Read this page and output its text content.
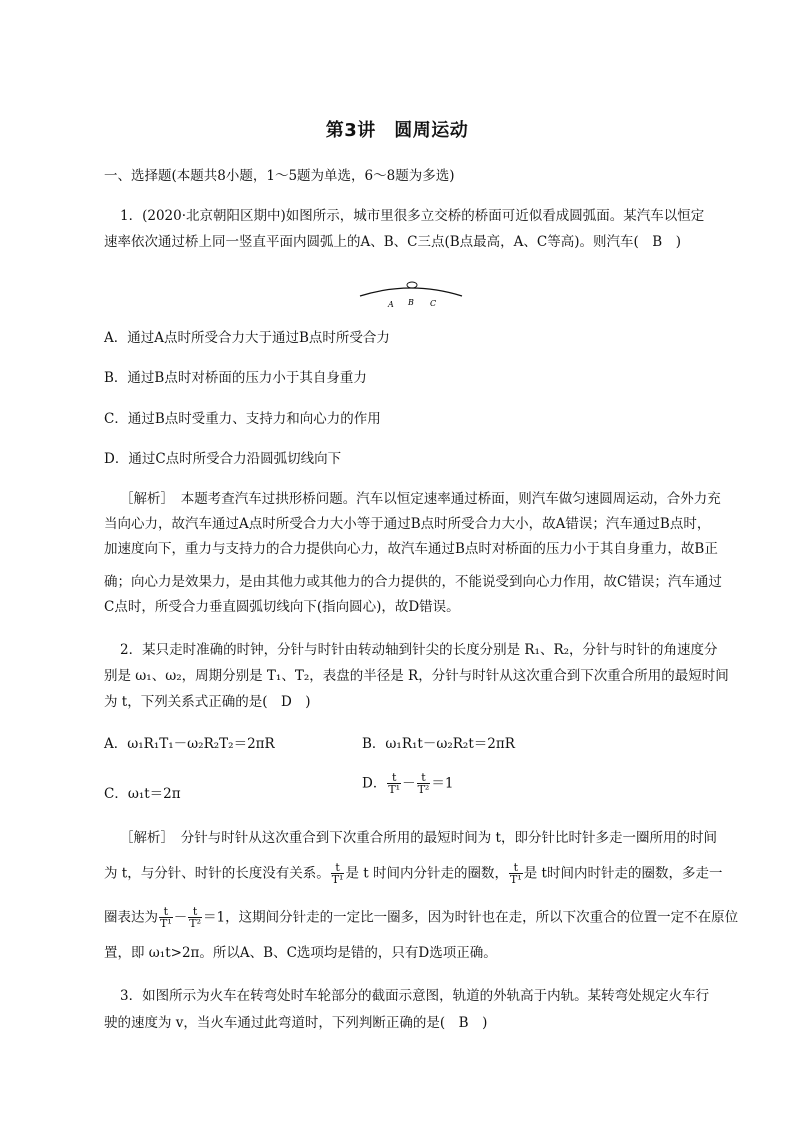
第3讲　圆周运动
一、选择题(本题共8小题，1～5题为单选，6～8题为多选)
1．(2020·北京朝阳区期中)如图所示，城市里很多立交桥的桥面可近似看成圆弧面。某汽车以恒定
速率依次通过桥上同一竖直平面内圆弧上的A、B、C三点(B点最高，A、C等高)。则汽车(　B　)
A B C
A．通过A点时所受合力大于通过B点时所受合力
B．通过B点时对桥面的压力小于其自身重力
C．通过B点时受重力、支持力和向心力的作用
D．通过C点时所受合力沿圆弧切线向下
［解析］　本题考查汽车过拱形桥问题。汽车以恒定速率通过桥面，则汽车做匀速圆周运动，合外力充
当向心力，故汽车通过A点时所受合力大小等于通过B点时所受合力大小，故A错误；汽车通过B点时，
加速度向下，重力与支持力的合力提供向心力，故汽车通过B点时对桥面的压力小于其自身重力，故B正
确；向心力是效果力，是由其他力或其他力的合力提供的，不能说受到向心力作用，故C错误；汽车通过
C点时，所受合力垂直圆弧切线向下(指向圆心)，故D错误。
2．某只走时准确的时钟，分针与时针由转动轴到针尖的长度分别是 R₁、R₂，分针与时针的角速度分
别是 ω₁、ω₂，周期分别是 T₁、T₂，表盘的半径是 R，分针与时针从这次重合到下次重合所用的最短时间
为 t，下列关系式正确的是(　D　)
A．ω₁R₁T₁－ω₂R₂T₂＝2πR	B．ω₁R₁t－ω₂R₂t＝2πR
C．ω₁t＝2π
D． $\frac{t}{\text{T¹}} - \frac{t}{\text{T²}} =1$
［解析］　分针与时针从这次重合到下次重合所用的最短时间为 t，即分针比时针多走一圈所用的时间
为 t，与分针、时针的长度没有关系。 $\frac{t}{\text{T¹}}$ 是 t 时间内分针走的圈数， $\frac{t}{\text{T¹}}$ 是 t时间内时针走的圈数，多走一
圈表达为 $\frac{t}{\text{T¹}} - \frac{t}{\text{T²}} =1$，这期间分针走的一定比一圈多，因为时针也在走，所以下次重合的位置一定不在原位
置，即 ω₁t>2π。所以A、B、C选项均是错的，只有D选项正确。
3．如图所示为火车在转弯处时车轮部分的截面示意图，轨道的外轨高于内轨。某转弯处规定火车行
驶的速度为 v，当火车通过此弯道时，下列判断正确的是(　B　)
